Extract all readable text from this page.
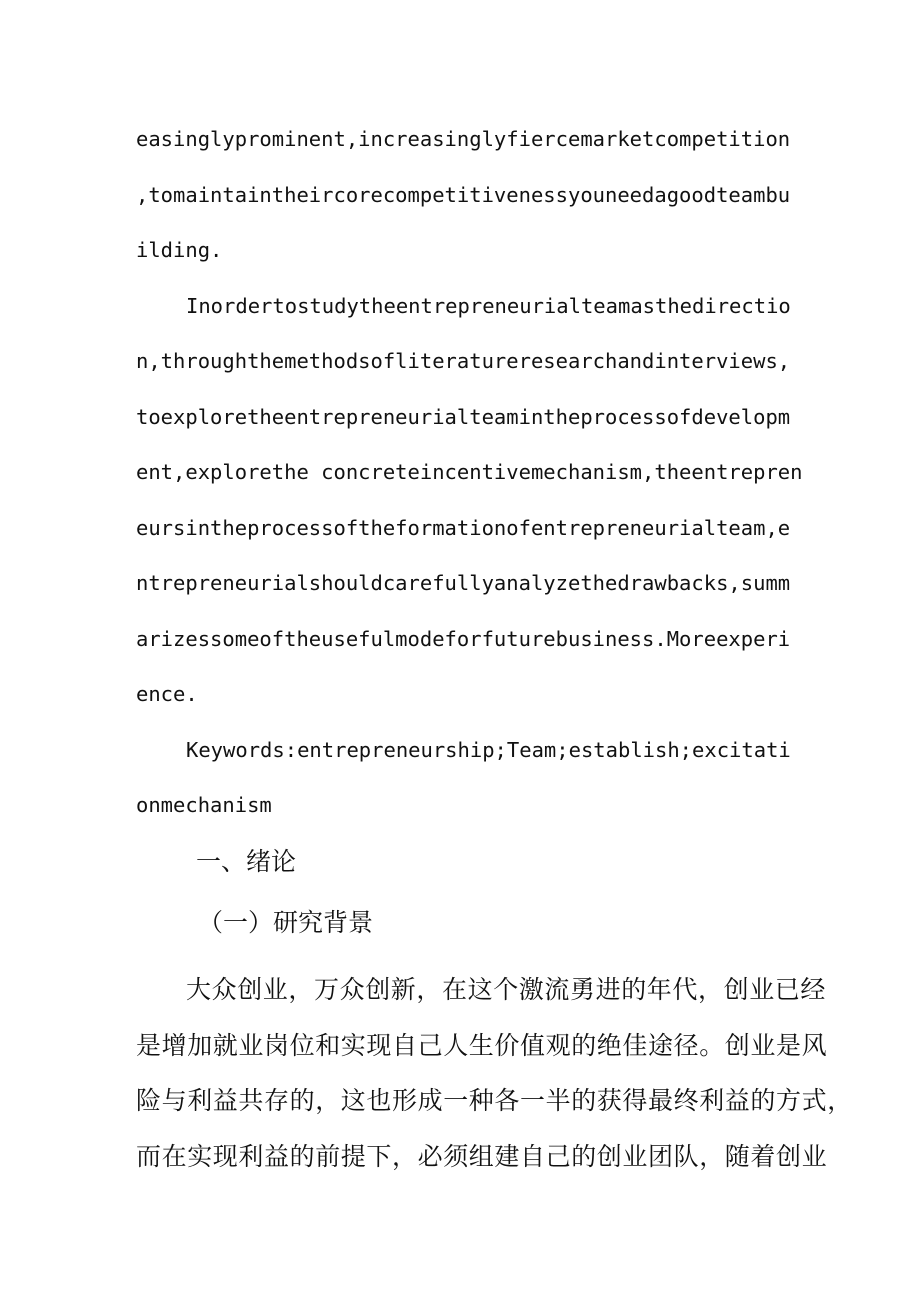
easinglyprominent,increasinglyfiercemarketcompetition
,tomaintaintheircorecompetitivenessyouneedagoodteambu
ilding.
Inordertostudytheentrepreneurialteamasthedirectio
n,throughthemethodsofliteratureresearchandinterviews,
toexploretheentrepreneurialteamintheprocessofdevelopm
ent,explorethe concreteincentivemechanism,theentrepren
eursintheprocessoftheformationofentrepreneurialteam,e
ntrepreneurialshouldcarefullyanalyzethedrawbacks,summ
arizessomeoftheusefulmodeforfuturebusiness.Moreexperi
ence.
Keywords:entrepreneurship;Team;establish;excitati
onmechanism
一、绪论
（一）研究背景
大众创业，万众创新，在这个激流勇进的年代，创业已经
是增加就业岗位和实现自己人生价值观的绝佳途径。创业是风
险与利益共存的，这也形成一种各一半的获得最终利益的方式，
而在实现利益的前提下，必须组建自己的创业团队，随着创业
